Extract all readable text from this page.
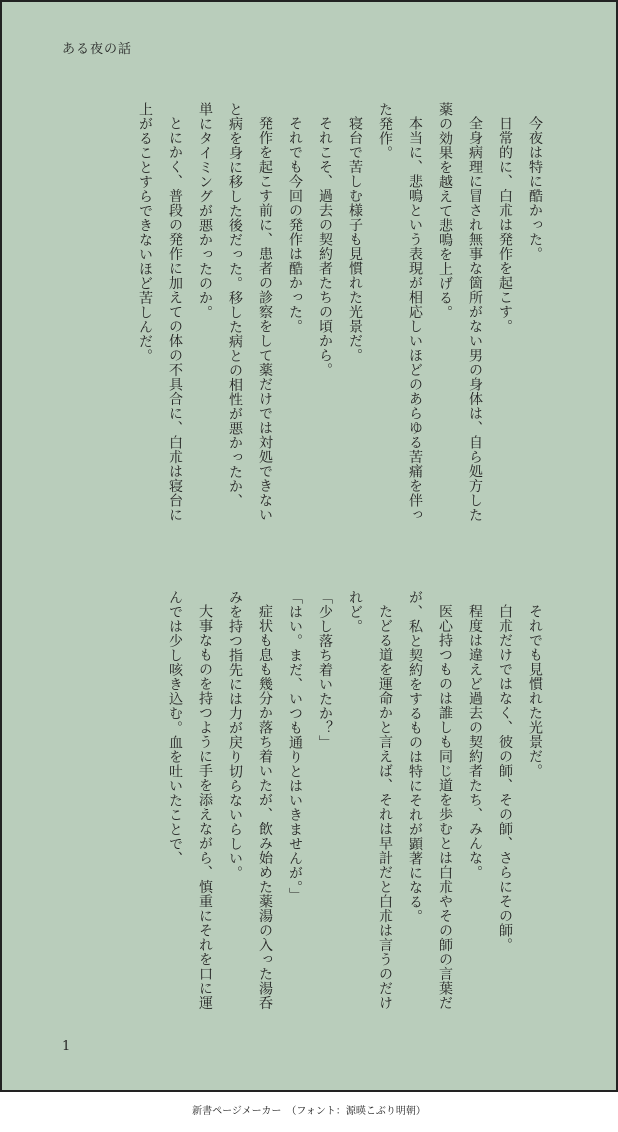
ある夜の話

今夜は特に酷かった。

日常的に、白朮は発作を起こす。

全身病理に冒され無事な箇所がない男の身体は、自ら処方した薬の効果を越えて悲鳴を上げる。

本当に、悲鳴という表現が相応しいほどのあらゆる苦痛を伴った発作。

寝台で苦しむ様子も見慣れた光景だ。

それこそ、過去の契約者たちの頃から。

それでも今回の発作は酷かった。

発作を起こす前に、患者の診察をして薬だけでは対処できないと病を身に移した後だった。移した病との相性が悪かったか、単にタイミングが悪かったのか。

とにかく、普段の発作に加えての体の不具合に、白朮は寝台に上がることすらできないほど苦しんだ。

それでも見慣れた光景だ。

白朮だけではなく、彼の師、その師、さらにその師。

程度は違えど過去の契約者たち、みんな。

医心持つものは誰しも同じ道を歩むとは白朮やその師の言葉だが、私と契約をするものは特にそれが顕著になる。

たどる道を運命かと言えば、それは早計だと白朮は言うのだけれど。

「少し落ち着いたか？」

「はい。まだ、いつも通りとはいきませんが。」

症状も息も幾分か落ち着いたが、飲み始めた薬湯の入った湯呑みを持つ指先には力が戻り切らないらしい。

大事なものを持つように手を添えながら、慎重にそれを口に運んでは少し咳き込む。血を吐いたことで、

1
新書ページメーカー　（フォント：源暎こぶり明朝）
